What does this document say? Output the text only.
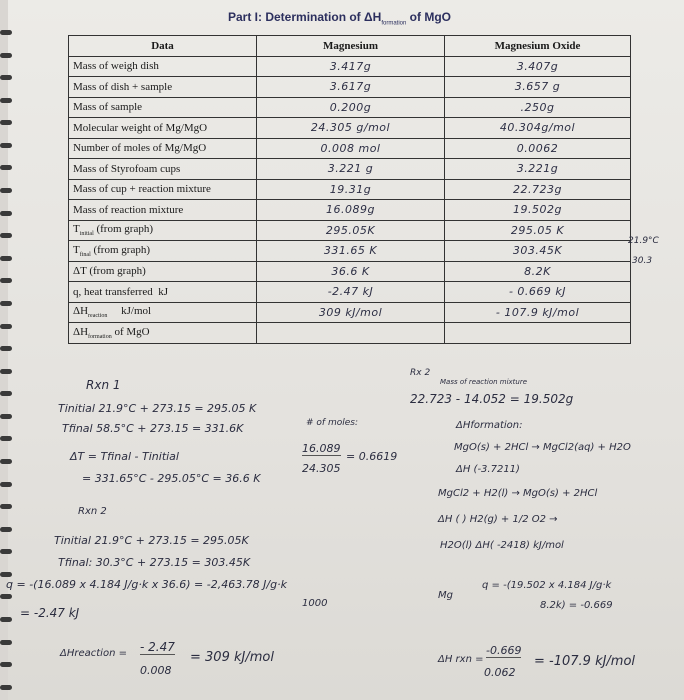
Part I: Determination of $\Delta H_{formation}$ of MgO
Data	Magnesium	Magnesium Oxide
Mass of weigh dish	3.417g	3.407g
Mass of dish + sample	3.617g	3.657 g
Mass of sample	0.200g	.250g
Molecular weight of Mg/MgO	24.305 g/mol	40.304g/mol
Number of moles of Mg/MgO	0.008 mol	0.0062
Mass of Styrofoam cups	3.221 g	3.221g
Mass of cup + reaction mixture	19.31g	22.723g
Mass of reaction mixture	16.089g	19.502g
$T_{initial}$ (from graph)	295.05K	295.05 K
$T_{final}$ (from graph)	331.65 K	303.45K
ΔT (from graph)	36.6 K	8.2K
q, heat transferred  kJ	-2.47 kJ	- 0.669 kJ
$\Delta H_{reaction}$     kJ/mol	309 kJ/mol	- 107.9 kJ/mol
$\Delta H_{formation}$ of MgO		
21.9°C
30.3
Rxn 1
Rx 2
Mass of reaction mixture
22.723 - 14.052 = 19.502g
Tinitial 21.9°C + 273.15 = 295.05 K
Tfinal 58.5°C + 273.15 = 331.6K	# of moles:
16.089
24.305
= 0.6619
ΔT = Tfinal - Tinitial
= 331.65°C - 295.05°C = 36.6 K
Rxn 2
Tinitial 21.9°C + 273.15 = 295.05K
Tfinal: 30.3°C + 273.15 = 303.45K
q = -(16.089 x 4.184 J/g·k x 36.6) = -2,463.78 J/g·k
1000
= -2.47 kJ
ΔHreaction = - 2.47
0.008
= 309 kJ/mol
ΔHformation:
MgO(s) + 2HCl → MgCl2(aq) + H2O
ΔH (-3.7211)
MgCl2 + H2(l) → MgO(s) + 2HCl
ΔH ( ) H2(g) + 1/2 O2 →
H2O(l) ΔH( -2418) kJ/mol
Mg
q = -(19.502 x 4.184 J/g·k
8.2k) = -0.669
ΔH rxn =
-0.669
0.062
= -107.9 kJ/mol
